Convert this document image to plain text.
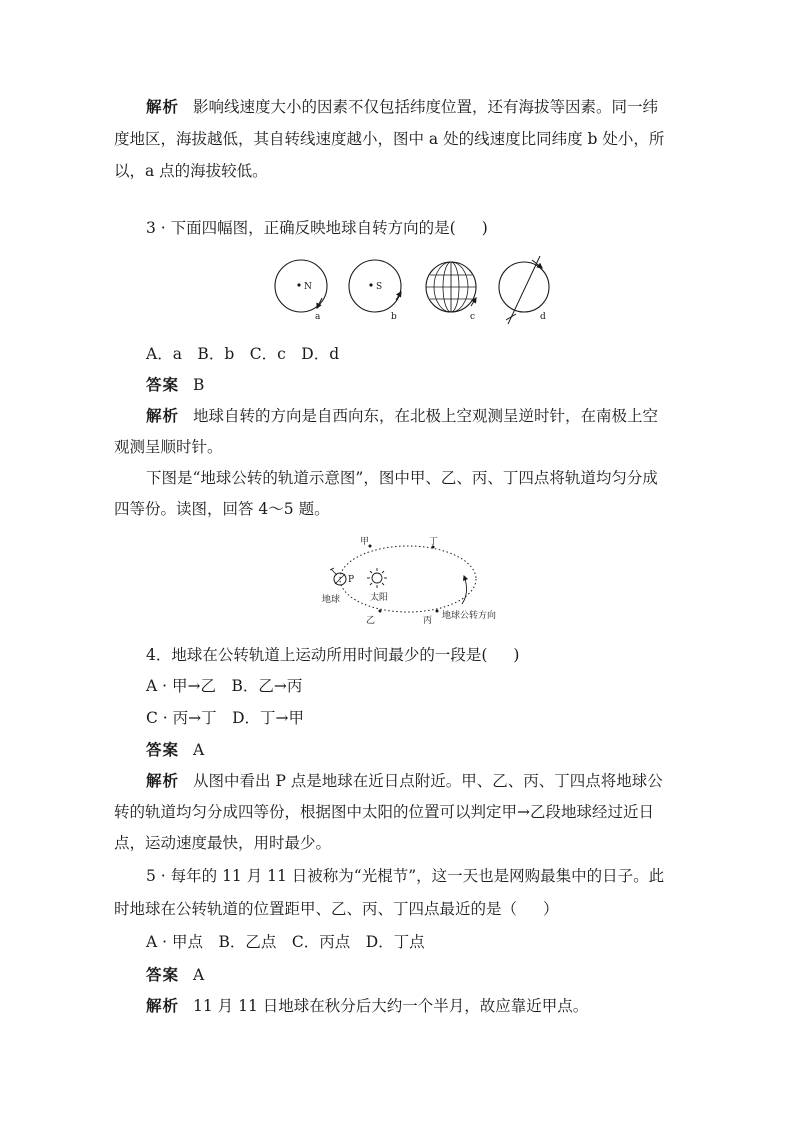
解析 影响线速度大小的因素不仅包括纬度位置，还有海拔等因素。同一纬
度地区，海拔越低，其自转线速度越小，图中 a 处的线速度比同纬度 b 处小，所
以，a 点的海拔较低。
3 · 下面四幅图，正确反映地球自转方向的是( )
N
a
S
b	c	d
A．a　B．b　C．c　D．d
答案 B
解析 地球自转的方向是自西向东，在北极上空观测呈逆时针，在南极上空
观测呈顺时针。
下图是“地球公转的轨道示意图”，图中甲、乙、丙、丁四点将轨道均匀分成
四等份。读图，回答 4～5 题。
甲	丁
乙	丙
P
地球	太阳
地球公转方向
4．地球在公转轨道上运动所用时间最少的一段是( )
A · 甲→乙　B．乙→丙
C · 丙→丁　D．丁→甲
答案 A
解析 从图中看出 P 点是地球在近日点附近。甲、乙、丙、丁四点将地球公
转的轨道均匀分成四等份，根据图中太阳的位置可以判定甲→乙段地球经过近日
点，运动速度最快，用时最少。
5 · 每年的 11 月 11 日被称为“光棍节”，这一天也是网购最集中的日子。此
时地球在公转轨道的位置距甲、乙、丙、丁四点最近的是（ ）
A · 甲点　B．乙点　C．丙点　D．丁点
答案 A
解析 11 月 11 日地球在秋分后大约一个半月，故应靠近甲点。
